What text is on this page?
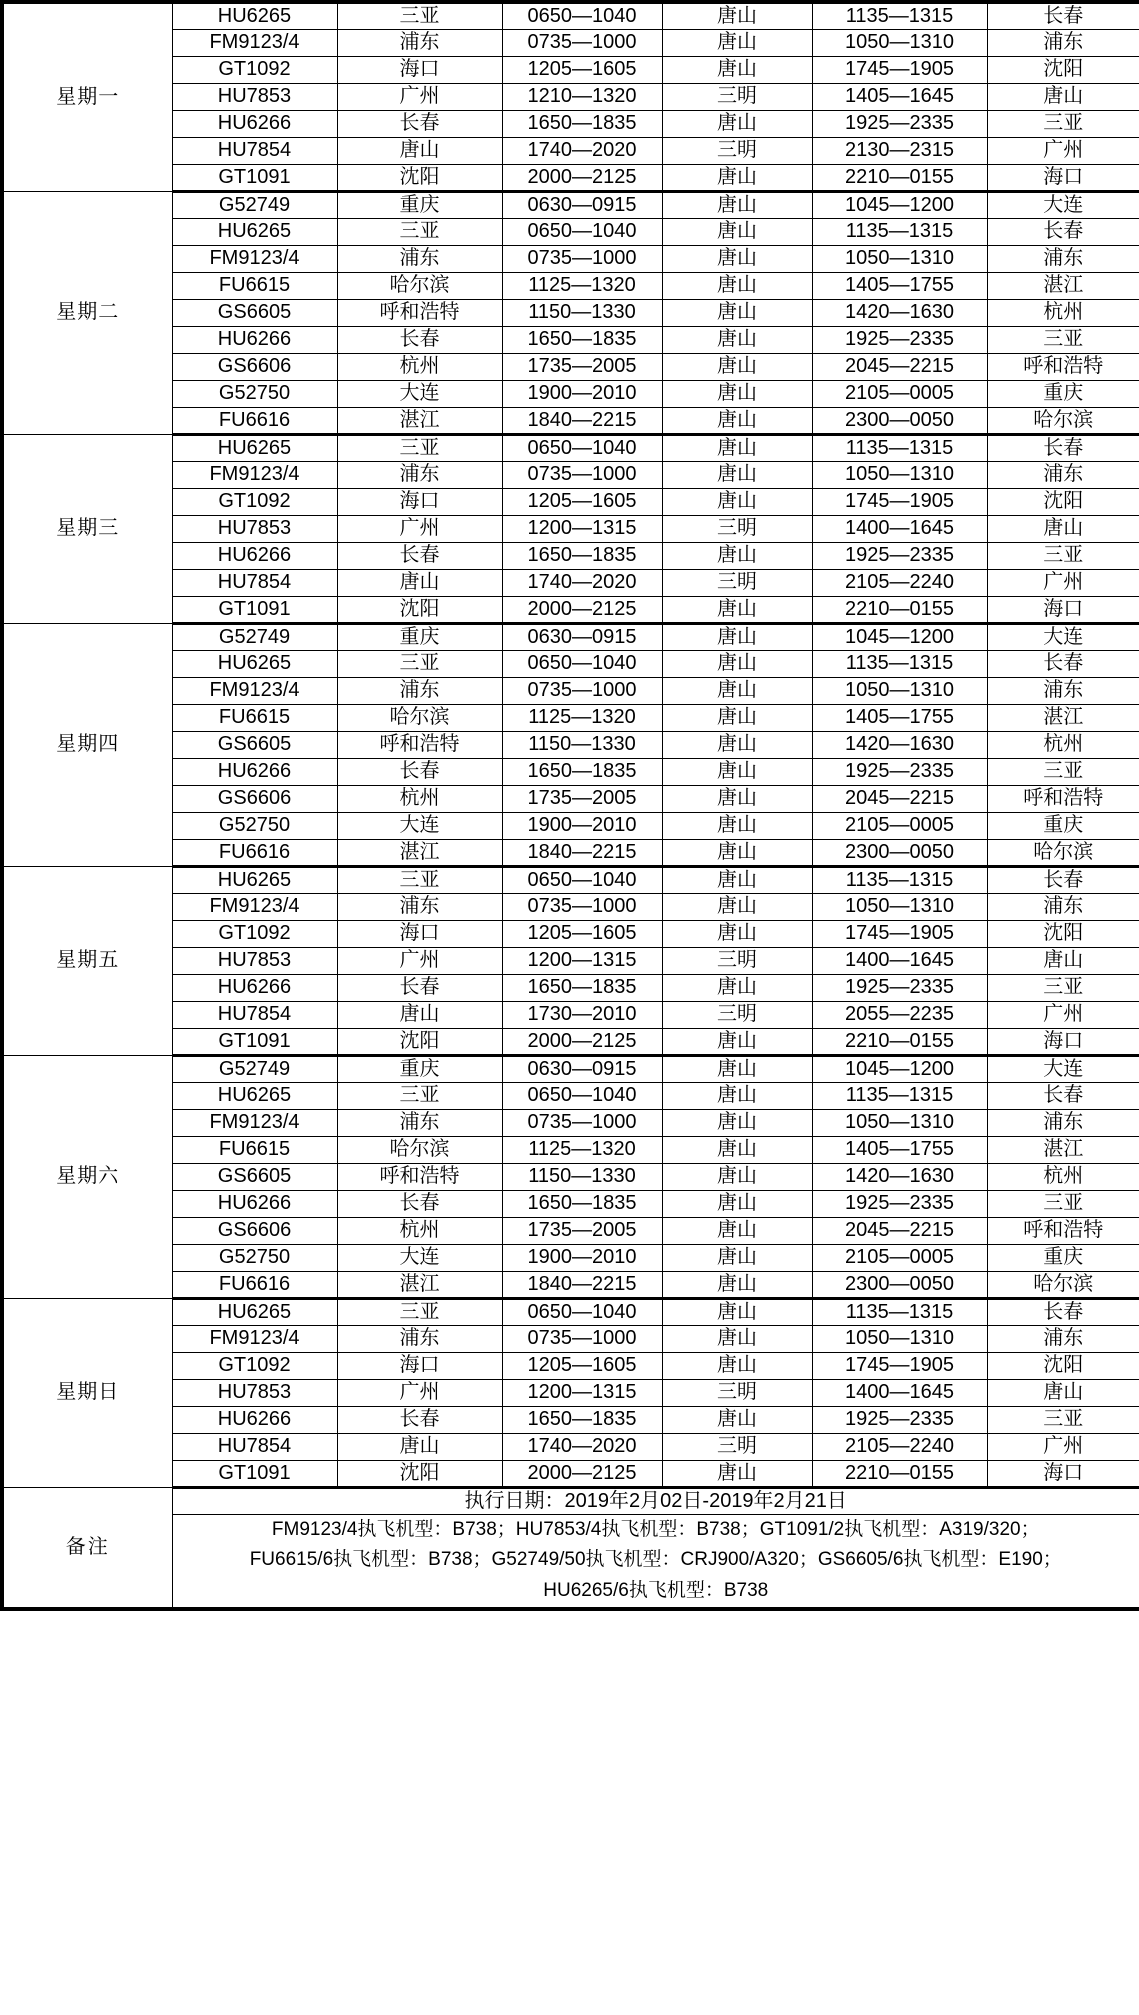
星期一	HU6265	三亚	0650—1040	唐山	1135—1315	长春
	FM9123/4	浦东	0735—1000	唐山	1050—1310	浦东
	GT1092	海口	1205—1605	唐山	1745—1905	沈阳
	HU7853	广州	1210—1320	三明	1405—1645	唐山
	HU6266	长春	1650—1835	唐山	1925—2335	三亚
	HU7854	唐山	1740—2020	三明	2130—2315	广州
	GT1091	沈阳	2000—2125	唐山	2210—0155	海口
星期二	G52749	重庆	0630—0915	唐山	1045—1200	大连
	HU6265	三亚	0650—1040	唐山	1135—1315	长春
	FM9123/4	浦东	0735—1000	唐山	1050—1310	浦东
	FU6615	哈尔滨	1125—1320	唐山	1405—1755	湛江
	GS6605	呼和浩特	1150—1330	唐山	1420—1630	杭州
	HU6266	长春	1650—1835	唐山	1925—2335	三亚
	GS6606	杭州	1735—2005	唐山	2045—2215	呼和浩特
	G52750	大连	1900—2010	唐山	2105—0005	重庆
	FU6616	湛江	1840—2215	唐山	2300—0050	哈尔滨
星期三	HU6265	三亚	0650—1040	唐山	1135—1315	长春
	FM9123/4	浦东	0735—1000	唐山	1050—1310	浦东
	GT1092	海口	1205—1605	唐山	1745—1905	沈阳
	HU7853	广州	1200—1315	三明	1400—1645	唐山
	HU6266	长春	1650—1835	唐山	1925—2335	三亚
	HU7854	唐山	1740—2020	三明	2105—2240	广州
	GT1091	沈阳	2000—2125	唐山	2210—0155	海口
星期四	G52749	重庆	0630—0915	唐山	1045—1200	大连
	HU6265	三亚	0650—1040	唐山	1135—1315	长春
	FM9123/4	浦东	0735—1000	唐山	1050—1310	浦东
	FU6615	哈尔滨	1125—1320	唐山	1405—1755	湛江
	GS6605	呼和浩特	1150—1330	唐山	1420—1630	杭州
	HU6266	长春	1650—1835	唐山	1925—2335	三亚
	GS6606	杭州	1735—2005	唐山	2045—2215	呼和浩特
	G52750	大连	1900—2010	唐山	2105—0005	重庆
	FU6616	湛江	1840—2215	唐山	2300—0050	哈尔滨
星期五	HU6265	三亚	0650—1040	唐山	1135—1315	长春
	FM9123/4	浦东	0735—1000	唐山	1050—1310	浦东
	GT1092	海口	1205—1605	唐山	1745—1905	沈阳
	HU7853	广州	1200—1315	三明	1400—1645	唐山
	HU6266	长春	1650—1835	唐山	1925—2335	三亚
	HU7854	唐山	1730—2010	三明	2055—2235	广州
	GT1091	沈阳	2000—2125	唐山	2210—0155	海口
星期六	G52749	重庆	0630—0915	唐山	1045—1200	大连
	HU6265	三亚	0650—1040	唐山	1135—1315	长春
	FM9123/4	浦东	0735—1000	唐山	1050—1310	浦东
	FU6615	哈尔滨	1125—1320	唐山	1405—1755	湛江
	GS6605	呼和浩特	1150—1330	唐山	1420—1630	杭州
	HU6266	长春	1650—1835	唐山	1925—2335	三亚
	GS6606	杭州	1735—2005	唐山	2045—2215	呼和浩特
	G52750	大连	1900—2010	唐山	2105—0005	重庆
	FU6616	湛江	1840—2215	唐山	2300—0050	哈尔滨
星期日	HU6265	三亚	0650—1040	唐山	1135—1315	长春
	FM9123/4	浦东	0735—1000	唐山	1050—1310	浦东
	GT1092	海口	1205—1605	唐山	1745—1905	沈阳
	HU7853	广州	1200—1315	三明	1400—1645	唐山
	HU6266	长春	1650—1835	唐山	1925—2335	三亚
	HU7854	唐山	1740—2020	三明	2105—2240	广州
	GT1091	沈阳	2000—2125	唐山	2210—0155	海口
备注	执行日期：2019年2月02日-2019年2月21日					

	FM9123/4执飞机型：B738；HU7853/4执飞机型：B738；GT1091/2执飞机型：A319/320；
FU6615/6执飞机型：B738；G52749/50执飞机型：CRJ900/A320；GS6605/6执飞机型：E190；
HU6265/6执飞机型：B738					
